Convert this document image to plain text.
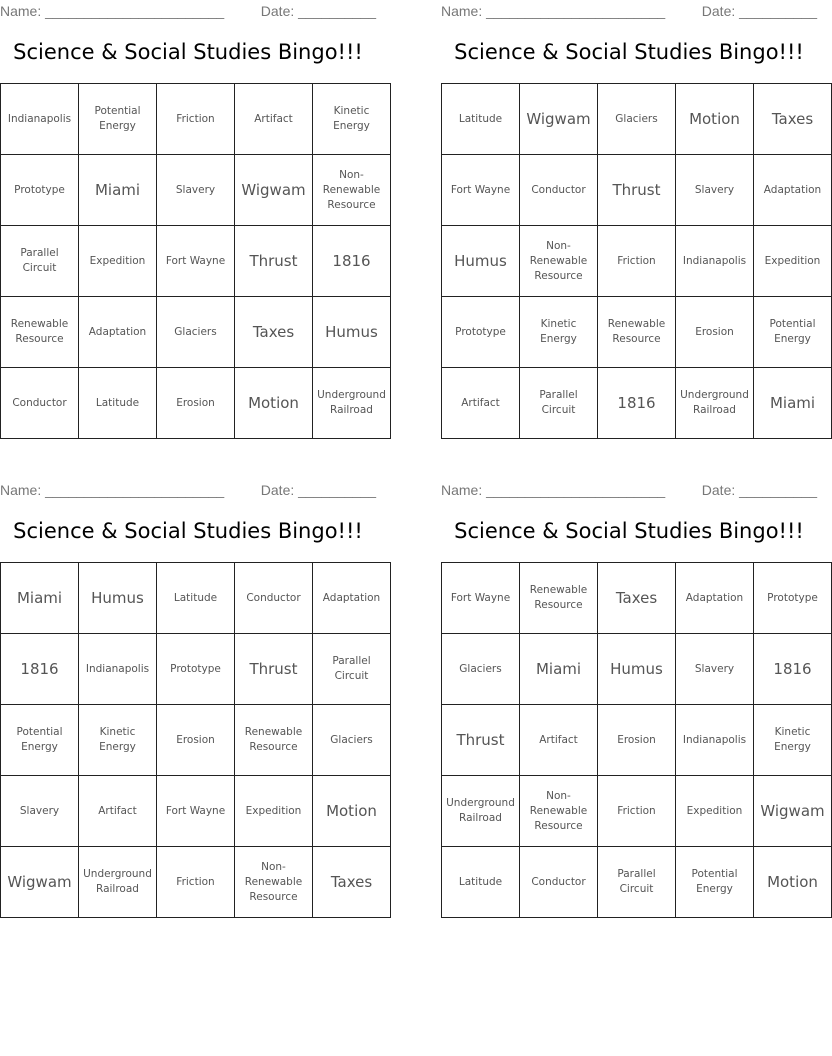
Name: _______________________	Date: __________
Science & Social Studies Bingo!!!
Indianapolis	Potential Energy	Friction	Artifact	Kinetic Energy
Prototype	Miami	Slavery	Wigwam	Non-Renewable Resource
Parallel Circuit	Expedition	Fort Wayne	Thrust	1816
Renewable Resource	Adaptation	Glaciers	Taxes	Humus
Conductor	Latitude	Erosion	Motion	Underground Railroad
Name: _______________________	Date: __________
Science & Social Studies Bingo!!!
Latitude	Wigwam	Glaciers	Motion	Taxes
Fort Wayne	Conductor	Thrust	Slavery	Adaptation
Humus	Non-Renewable Resource	Friction	Indianapolis	Expedition
Prototype	Kinetic Energy	Renewable Resource	Erosion	Potential Energy
Artifact	Parallel Circuit	1816	Underground Railroad	Miami
Name: _______________________	Date: __________
Science & Social Studies Bingo!!!
Miami	Humus	Latitude	Conductor	Adaptation
1816	Indianapolis	Prototype	Thrust	Parallel Circuit
Potential Energy	Kinetic Energy	Erosion	Renewable Resource	Glaciers
Slavery	Artifact	Fort Wayne	Expedition	Motion
Wigwam	Underground Railroad	Friction	Non-Renewable Resource	Taxes
Name: _______________________	Date: __________
Science & Social Studies Bingo!!!
Fort Wayne	Renewable Resource	Taxes	Adaptation	Prototype
Glaciers	Miami	Humus	Slavery	1816
Thrust	Artifact	Erosion	Indianapolis	Kinetic Energy
Underground Railroad	Non-Renewable Resource	Friction	Expedition	Wigwam
Latitude	Conductor	Parallel Circuit	Potential Energy	Motion
